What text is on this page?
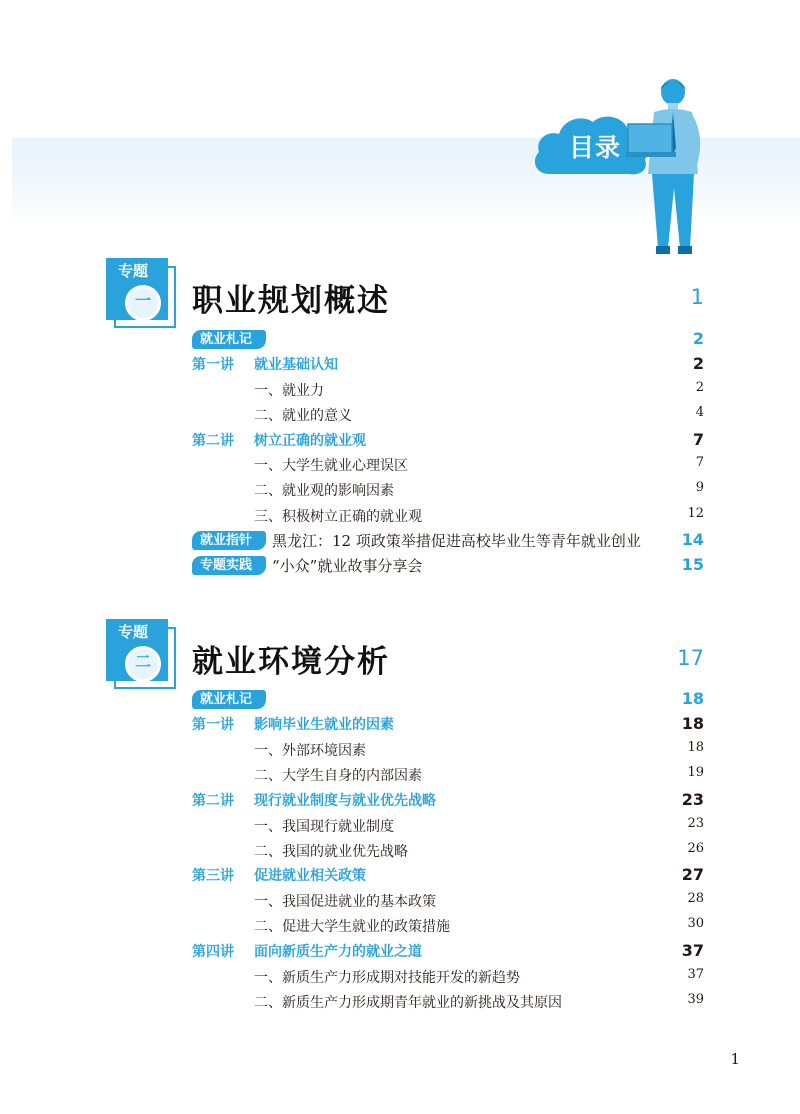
目录
专题
一	职业规划概述	1
就业札记	2
第一讲 就业基础认知	2
一、就业力	2
二、就业的意义	4
第二讲 树立正确的就业观	7
一、大学生就业心理误区	7
二、就业观的影响因素	9
三、积极树立正确的就业观	12
就业指针	黑龙江：12 项政策举措促进高校毕业生等青年就业创业	14
专题实践	“小众”就业故事分享会	15
专题
二	就业环境分析	17
就业札记	18
第一讲 影响毕业生就业的因素	18
一、外部环境因素	18
二、大学生自身的内部因素	19
第二讲 现行就业制度与就业优先战略	23
一、我国现行就业制度	23
二、我国的就业优先战略	26
第三讲 促进就业相关政策	27
一、我国促进就业的基本政策	28
二、促进大学生就业的政策措施	30
第四讲 面向新质生产力的就业之道	37
一、新质生产力形成期对技能开发的新趋势	37
二、新质生产力形成期青年就业的新挑战及其原因	39
1
